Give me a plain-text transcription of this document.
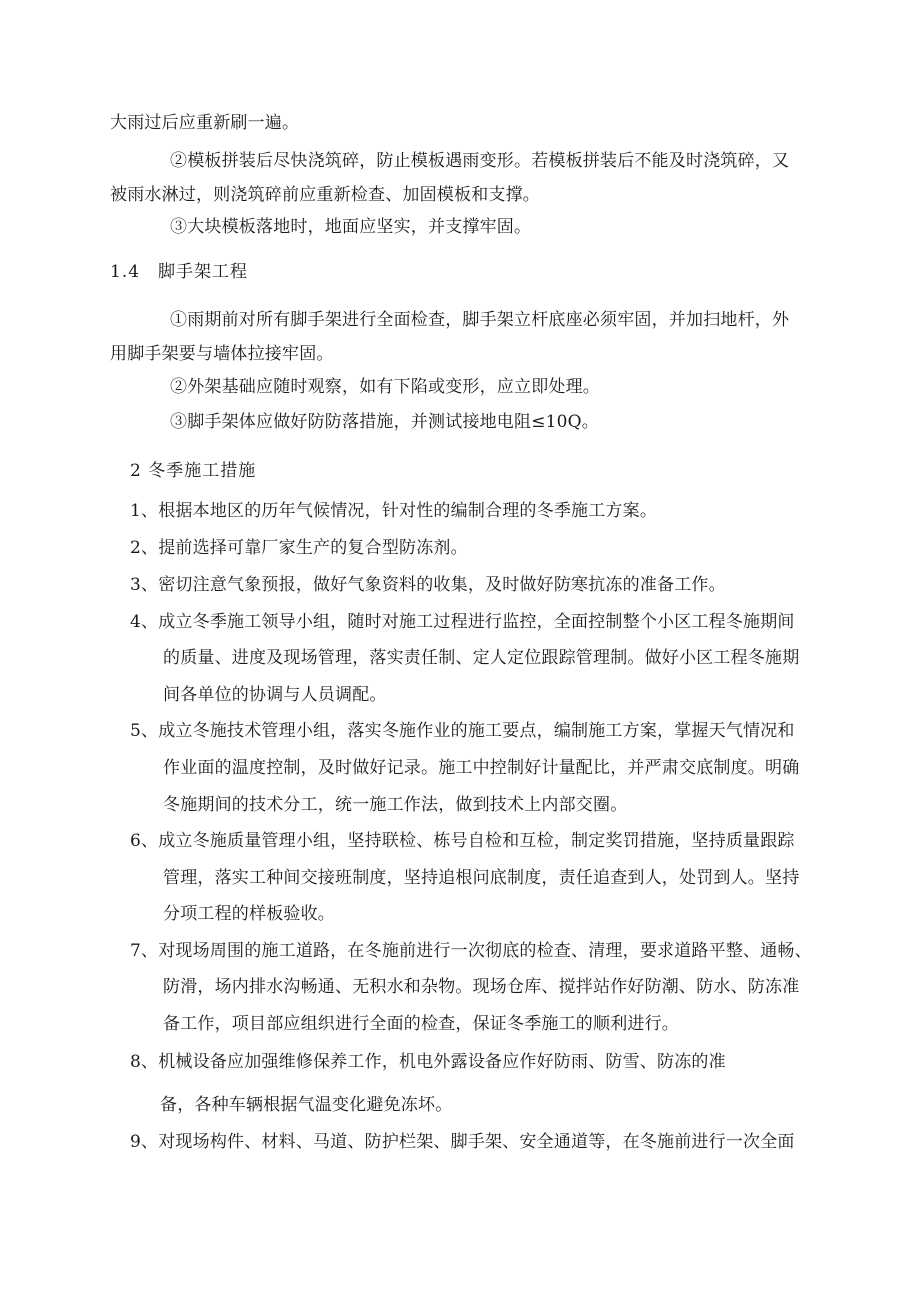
大雨过后应重新刷一遍。
②模板拼装后尽快浇筑碎，防止模板遇雨变形。若模板拼装后不能及时浇筑碎，又
被雨水淋过，则浇筑碎前应重新检查、加固模板和支撑。
③大块模板落地时，地面应坚实，并支撑牢固。
1.4　脚手架工程
①雨期前对所有脚手架进行全面检查，脚手架立杆底座必须牢固，并加扫地杆，外
用脚手架要与墙体拉接牢固。
②外架基础应随时观察，如有下陷或变形，应立即处理。
③脚手架体应做好防防落措施，并测试接地电阻≤10Q。
2 冬季施工措施
1、根据本地区的历年气候情况，针对性的编制合理的冬季施工方案。
2、提前选择可靠厂家生产的复合型防冻剂。
3、密切注意气象预报，做好气象资料的收集，及时做好防寒抗冻的准备工作。
4、成立冬季施工领导小组，随时对施工过程进行监控，全面控制整个小区工程冬施期间
的质量、进度及现场管理，落实责任制、定人定位跟踪管理制。做好小区工程冬施期
间各单位的协调与人员调配。
5、成立冬施技术管理小组，落实冬施作业的施工要点，编制施工方案，掌握天气情况和
作业面的温度控制，及时做好记录。施工中控制好计量配比，并严肃交底制度。明确
冬施期间的技术分工，统一施工作法，做到技术上内部交圈。
6、成立冬施质量管理小组，坚持联检、栋号自检和互检，制定奖罚措施，坚持质量跟踪
管理，落实工种间交接班制度，坚持追根问底制度，责任追查到人，处罚到人。坚持
分项工程的样板验收。
7、对现场周围的施工道路，在冬施前进行一次彻底的检查、清理，要求道路平整、通畅、
防滑，场内排水沟畅通、无积水和杂物。现场仓库、搅拌站作好防潮、防水、防冻准
备工作，项目部应组织进行全面的检查，保证冬季施工的顺利进行。
8、机械设备应加强维修保养工作，机电外露设备应作好防雨、防雪、防冻的准
备，各种车辆根据气温变化避免冻坏。
9、对现场构件、材料、马道、防护栏架、脚手架、安全通道等，在冬施前进行一次全面
